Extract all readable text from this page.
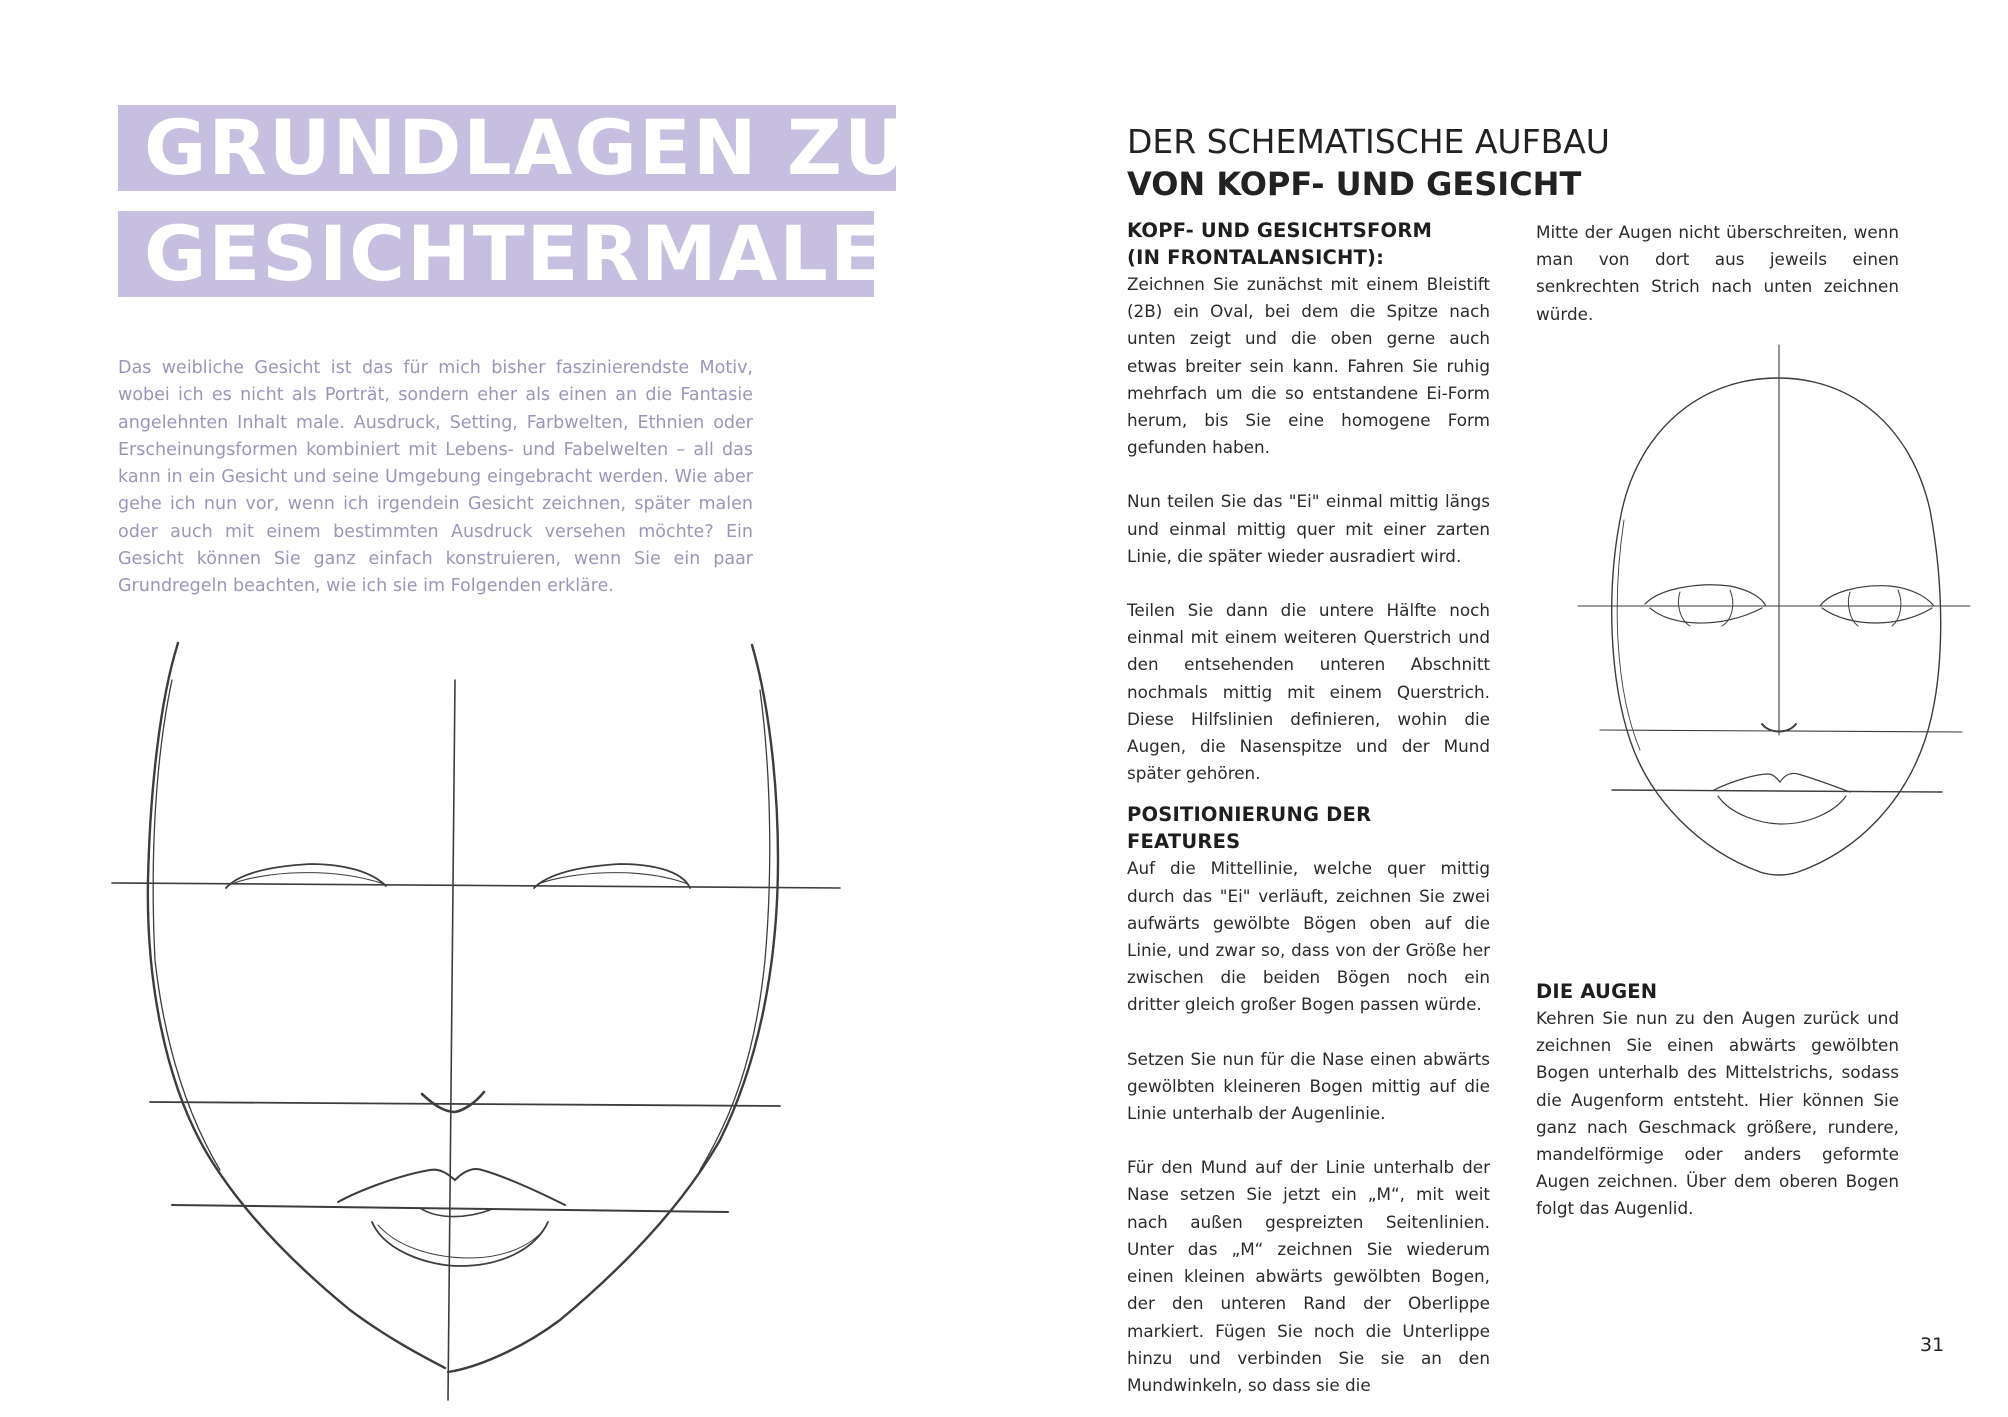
GRUNDLAGEN ZUM
GESICHTERMALEN

Das weibliche Gesicht ist das für mich bisher faszinierendste Motiv, wobei ich es nicht als Porträt, sondern eher als einen an die Fantasie angelehnten Inhalt male. Ausdruck, Setting, Farbwelten, Ethnien oder Erscheinungsformen kombiniert mit Lebens- und Fabelwelten – all das kann in ein Gesicht und seine Umgebung eingebracht werden. Wie aber gehe ich nun vor, wenn ich irgendein Gesicht zeichnen, später malen oder auch mit einem bestimmten Ausdruck versehen möchte? Ein Gesicht können Sie ganz einfach konstruieren, wenn Sie ein paar Grundregeln beachten, wie ich sie im Folgenden erkläre.

DER SCHEMATISCHE AUFBAU
VON KOPF- UND GESICHT
KOPF- UND GESICHTSFORM
(IN FRONTALANSICHT):

Zeichnen Sie zunächst mit einem Bleistift (2B) ein Oval, bei dem die Spitze nach unten zeigt und die oben gerne auch etwas breiter sein kann. Fahren Sie ruhig mehrfach um die so entstandene Ei-Form herum, bis Sie eine homogene Form gefunden haben.

Nun teilen Sie das "Ei" einmal mittig längs und einmal mittig quer mit einer zarten Linie, die später wieder ausradiert wird.

Teilen Sie dann die untere Hälfte noch einmal mit einem weiteren Querstrich und den entsehenden unteren Abschnitt nochmals mittig mit einem Querstrich. Diese Hilfslinien definieren, wohin die Augen, die Nasenspitze und der Mund später gehören.

POSITIONIERUNG DER FEATURES

Auf die Mittellinie, welche quer mittig durch das "Ei" verläuft, zeichnen Sie zwei aufwärts gewölbte Bögen oben auf die Linie, und zwar so, dass von der Größe her zwischen die beiden Bögen noch ein dritter gleich großer Bogen passen würde.

Setzen Sie nun für die Nase einen abwärts gewölbten kleineren Bogen mittig auf die Linie unterhalb der Augenlinie.

Für den Mund auf der Linie unterhalb der Nase setzen Sie jetzt ein „M“, mit weit nach außen gespreizten Seitenlinien. Unter das „M“ zeichnen Sie wiederum einen kleinen abwärts gewölbten Bogen, der den unteren Rand der Oberlippe markiert. Fügen Sie noch die Unterlippe hinzu und verbinden Sie sie an den Mundwinkeln, so dass sie die

Mitte der Augen nicht überschreiten, wenn man von dort aus jeweils einen senkrechten Strich nach unten zeichnen würde.

DIE AUGEN

Kehren Sie nun zu den Augen zurück und zeichnen Sie einen abwärts gewölbten Bogen unterhalb des Mittelstrichs, sodass die Augenform entsteht. Hier können Sie ganz nach Geschmack größere, rundere, mandelförmige oder anders geformte Augen zeichnen. Über dem oberen Bogen folgt das Augenlid.

31
